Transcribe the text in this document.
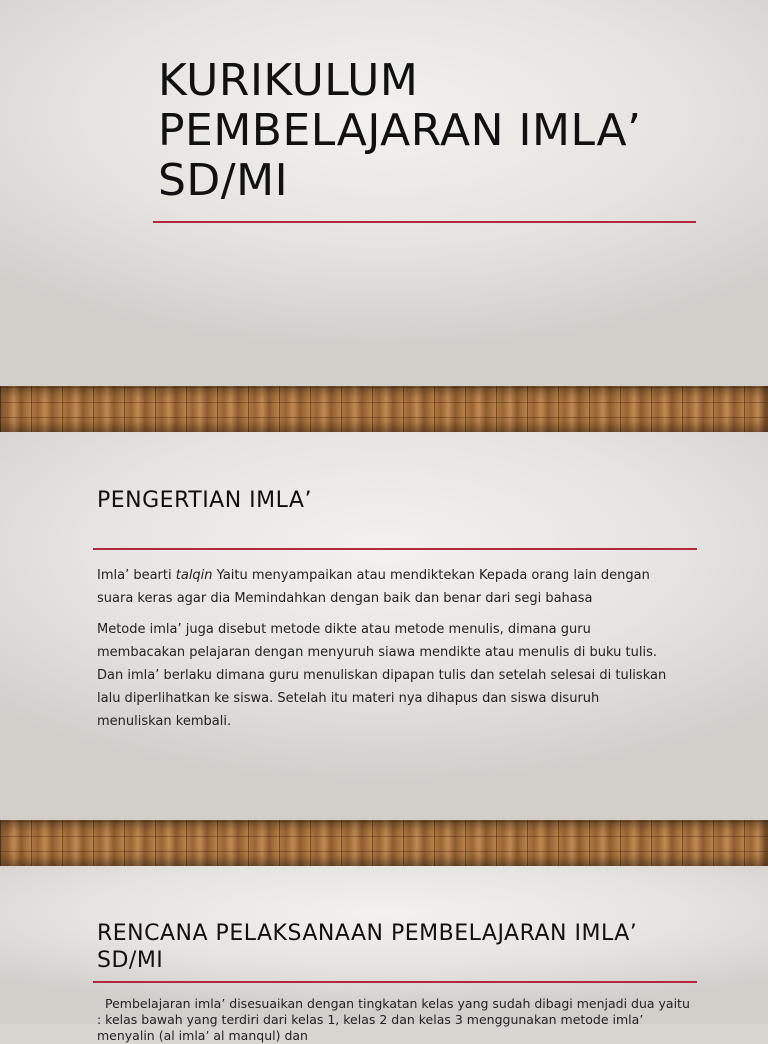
KURIKULUM
PEMBELAJARAN IMLA’
SD/MI
PENGERTIAN IMLA’

Imla’ bearti talqin Yaitu menyampaikan atau mendiktekan Kepada orang lain dengan suara keras agar dia Memindahkan dengan baik dan benar dari segi bahasa

Metode imla’ juga disebut metode dikte atau metode menulis, dimana guru membacakan pelajaran dengan menyuruh siawa mendikte atau menulis di buku tulis. Dan imla’ berlaku dimana guru menuliskan dipapan tulis dan setelah selesai di tuliskan lalu diperlihatkan ke siswa. Setelah itu materi nya dihapus dan siswa disuruh menuliskan kembali.

RENCANA PELAKSANAAN PEMBELAJARAN IMLA’
SD/MI
Pembelajaran imla’ disesuaikan dengan tingkatan kelas yang sudah dibagi menjadi dua yaitu : kelas bawah yang terdiri dari kelas 1, kelas 2 dan kelas 3 menggunakan metode imla’ menyalin (al imla’ al manqul) dan
